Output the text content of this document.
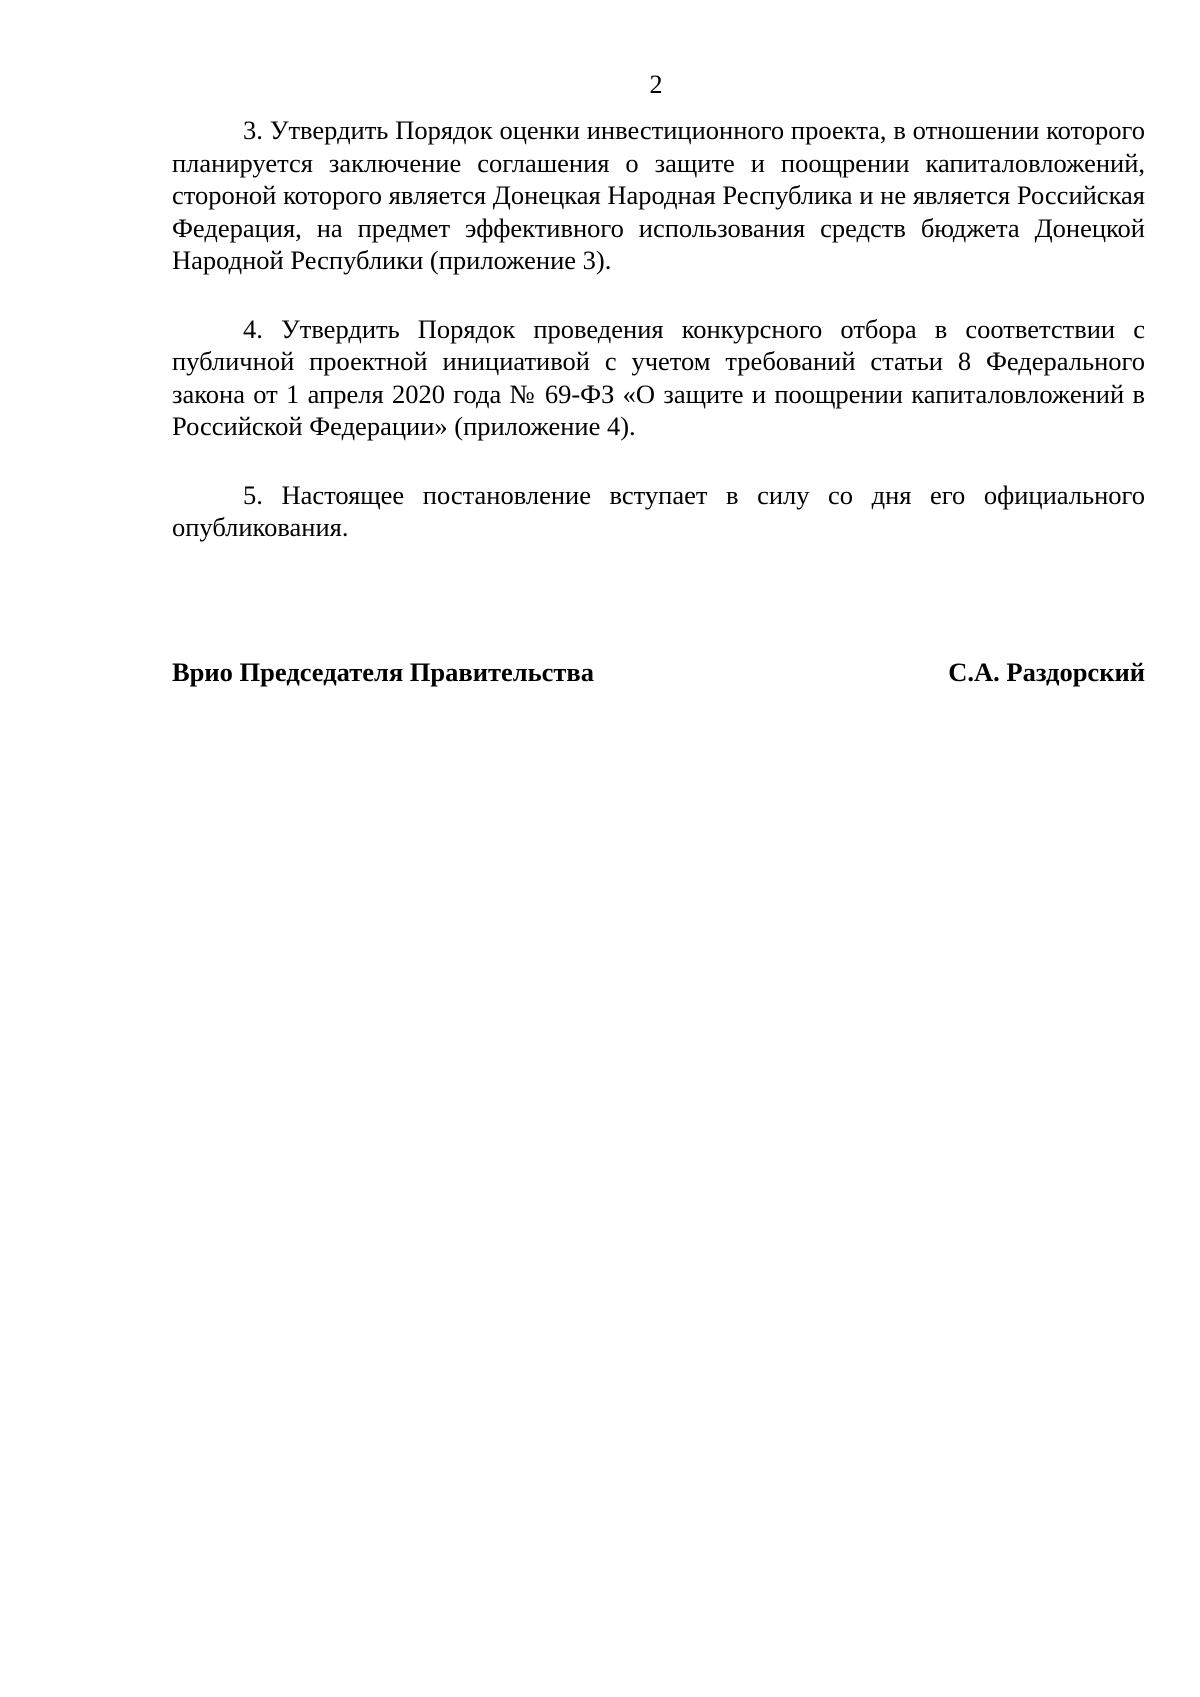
2

3. Утвердить Порядок оценки инвестиционного проекта, в отношении которого планируется заключение соглашения о защите и поощрении капиталовложений, стороной которого является Донецкая Народная Республика и не является Российская Федерация, на предмет эффективного использования средств бюджета Донецкой Народной Республики (приложение 3).

4. Утвердить Порядок проведения конкурсного отбора в соответствии с публичной проектной инициативой с учетом требований статьи 8 Федерального закона от 1 апреля 2020 года № 69-ФЗ «О защите и поощрении капиталовложений в Российской Федерации» (приложение 4).

5. Настоящее постановление вступает в силу со дня его официального опубликования.

Врио Председателя Правительства	С.А. Раздорский
